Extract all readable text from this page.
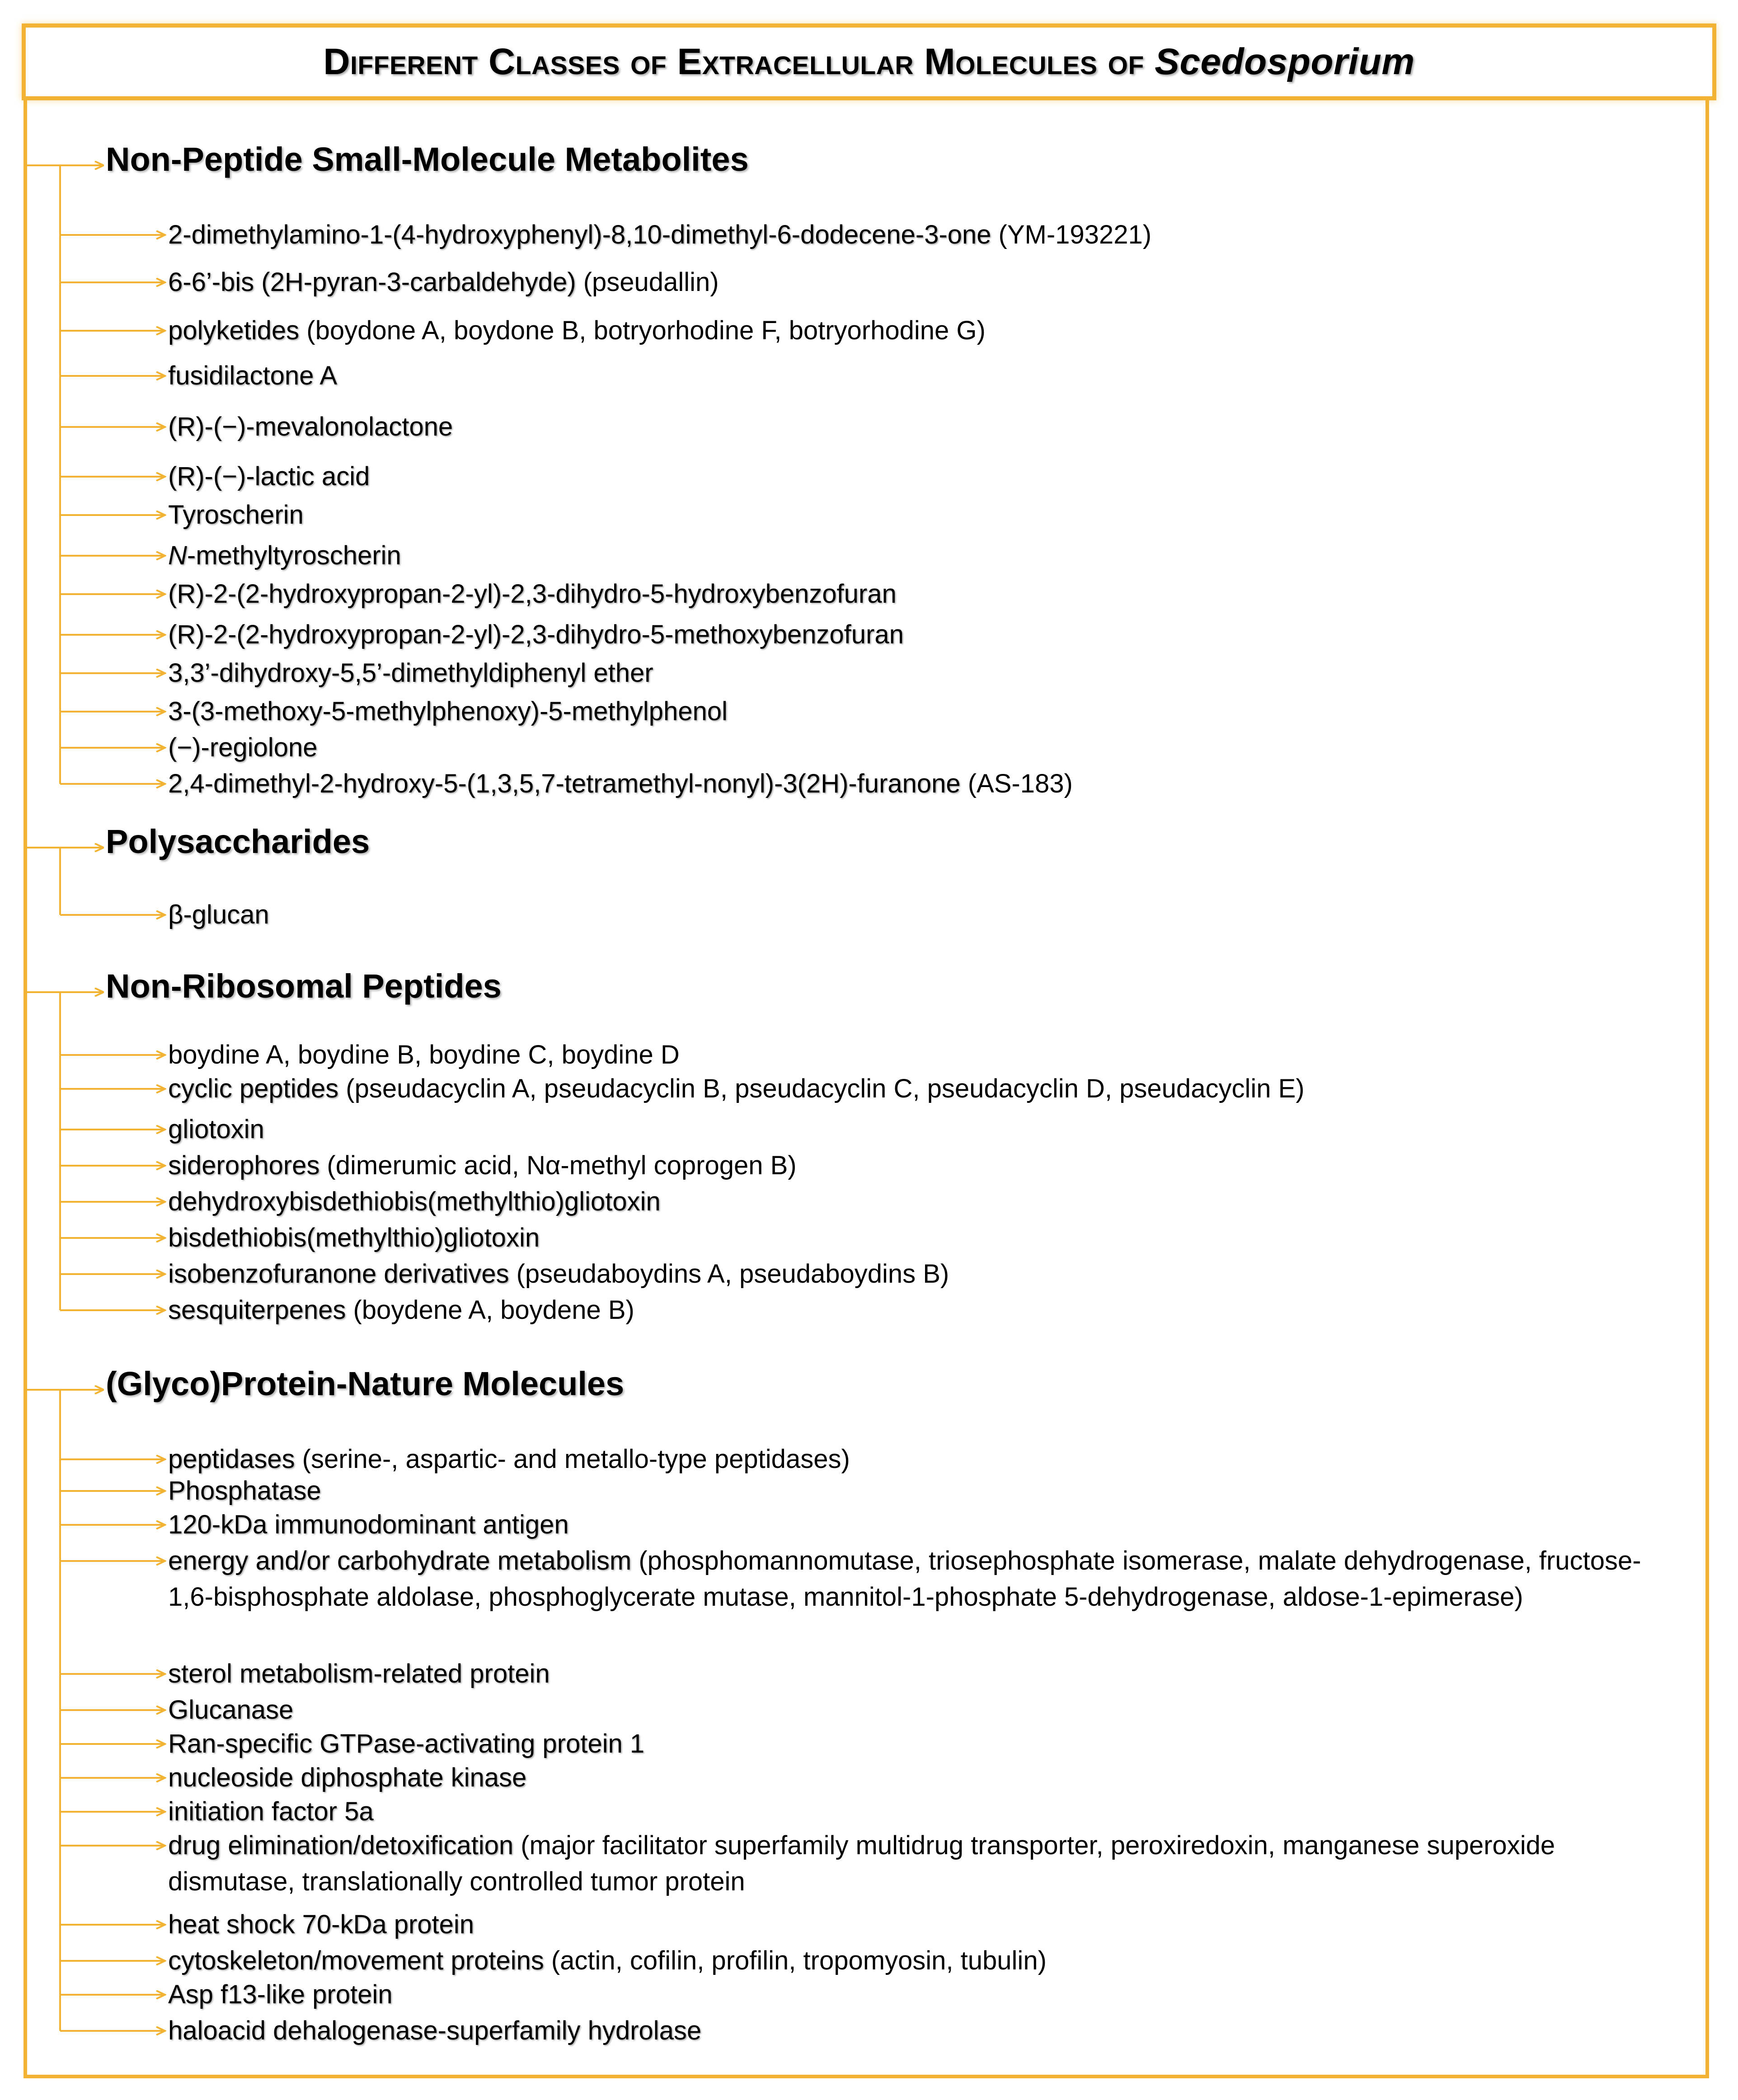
Different Classes of Extracellular Molecules of Scedosporium
Non-Peptide Small-Molecule Metabolites
2-dimethylamino-1-(4-hydroxyphenyl)-8,10-dimethyl-6-dodecene-3-one (YM-193221)
6-6’-bis (2H-pyran-3-carbaldehyde) (pseudallin)
polyketides (boydone A, boydone B, botryorhodine F, botryorhodine G)
fusidilactone A
(R)-(−)-mevalonolactone
(R)-(−)-lactic acid
Tyroscherin
N-methyltyroscherin
(R)-2-(2-hydroxypropan-2-yl)-2,3-dihydro-5-hydroxybenzofuran
(R)-2-(2-hydroxypropan-2-yl)-2,3-dihydro-5-methoxybenzofuran
3,3’-dihydroxy-5,5’-dimethyldiphenyl ether
3-(3-methoxy-5-methylphenoxy)-5-methylphenol
(−)-regiolone
2,4-dimethyl-2-hydroxy-5-(1,3,5,7-tetramethyl-nonyl)-3(2H)-furanone (AS-183)
Polysaccharides
β-glucan
Non-Ribosomal Peptides
boydine A, boydine B, boydine C, boydine D
cyclic peptides (pseudacyclin A, pseudacyclin B, pseudacyclin C, pseudacyclin D, pseudacyclin E)
gliotoxin
siderophores (dimerumic acid, Nα-methyl coprogen B)
dehydroxybisdethiobis(methylthio)gliotoxin
bisdethiobis(methylthio)gliotoxin
isobenzofuranone derivatives (pseudaboydins A, pseudaboydins B)
sesquiterpenes (boydene A, boydene B)
(Glyco)Protein-Nature Molecules
peptidases (serine-, aspartic- and metallo-type peptidases)
Phosphatase
120-kDa immunodominant antigen
energy and/or carbohydrate metabolism (phosphomannomutase, triosephosphate isomerase, malate dehydrogenase, fructose-1,6-bisphosphate aldolase, phosphoglycerate mutase, mannitol-1-phosphate 5-dehydrogenase, aldose-1-epimerase)
sterol metabolism-related protein
Glucanase
Ran-specific GTPase-activating protein 1
nucleoside diphosphate kinase
initiation factor 5a
drug elimination/detoxification (major facilitator superfamily multidrug transporter, peroxiredoxin, manganese superoxide dismutase, translationally controlled tumor protein
heat shock 70-kDa protein
cytoskeleton/movement proteins (actin, cofilin, profilin, tropomyosin, tubulin)
Asp f13-like protein
haloacid dehalogenase-superfamily hydrolase
